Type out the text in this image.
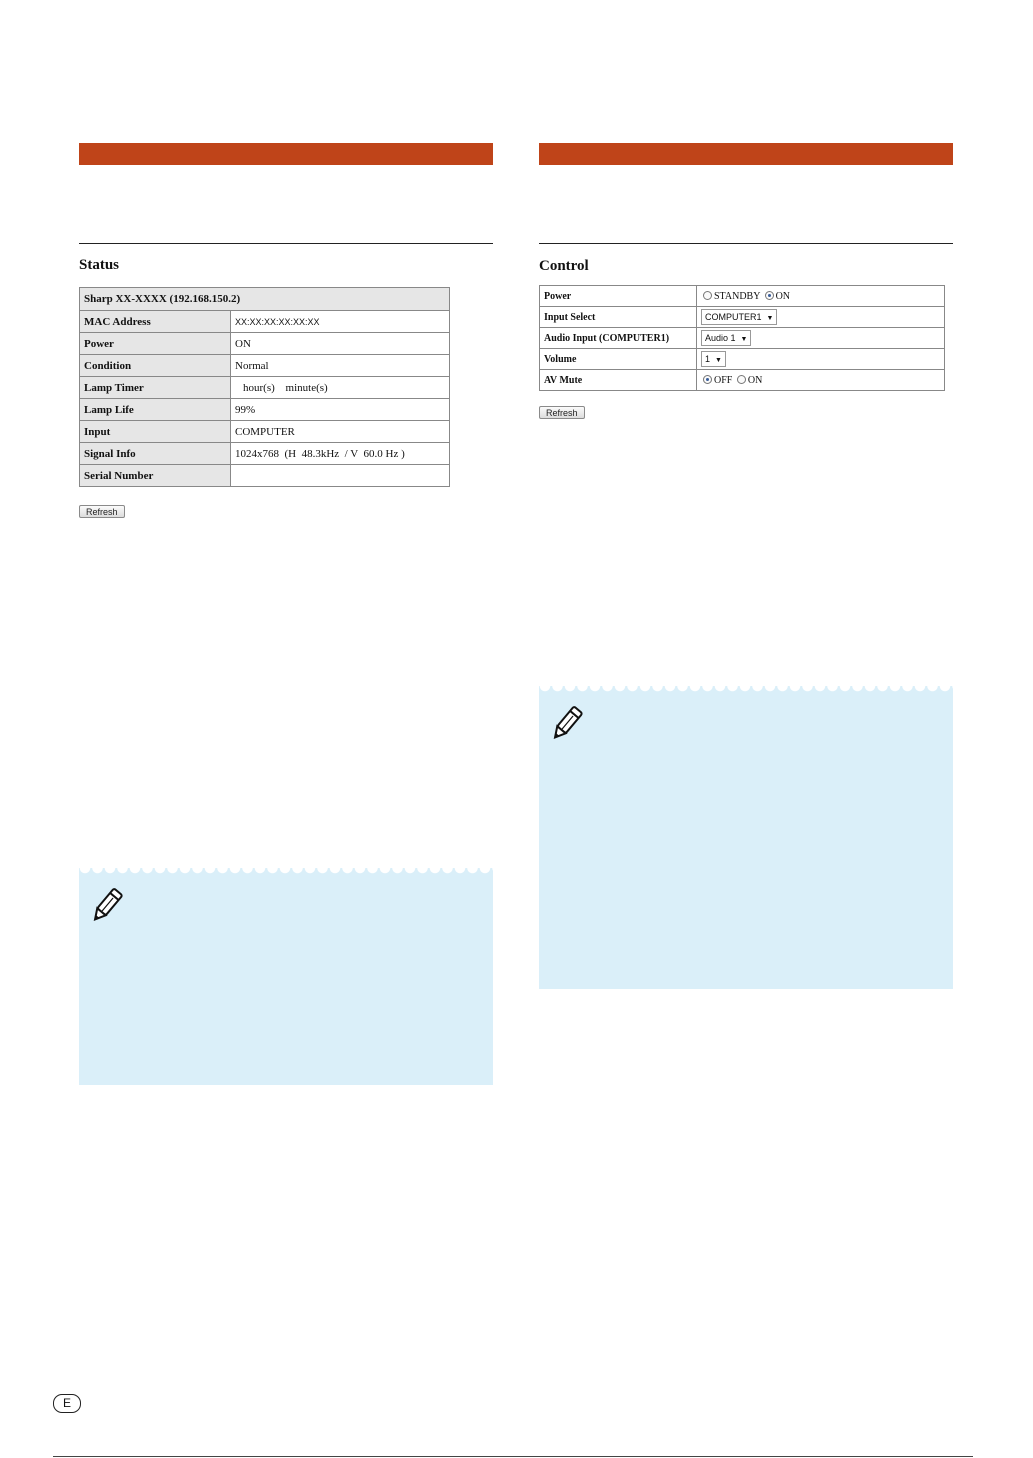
Status
Sharp XX-XXXX (192.168.150.2)	
MAC Address	XX:XX:XX:XX:XX:XX
Power	ON
Condition	Normal
Lamp Timer	hour(s) minute(s)
Lamp Life	99%
Input	COMPUTER
Signal Info	1024x768  (H  48.3kHz  / V  60.0 Hz )
Serial Number	
Refresh
Control
Power	STANDBY ON
Input Select	COMPUTER1 ▼
Audio Input (COMPUTER1)	Audio 1 ▼
Volume	1 ▼
AV Mute	OFF ON
Refresh
E
